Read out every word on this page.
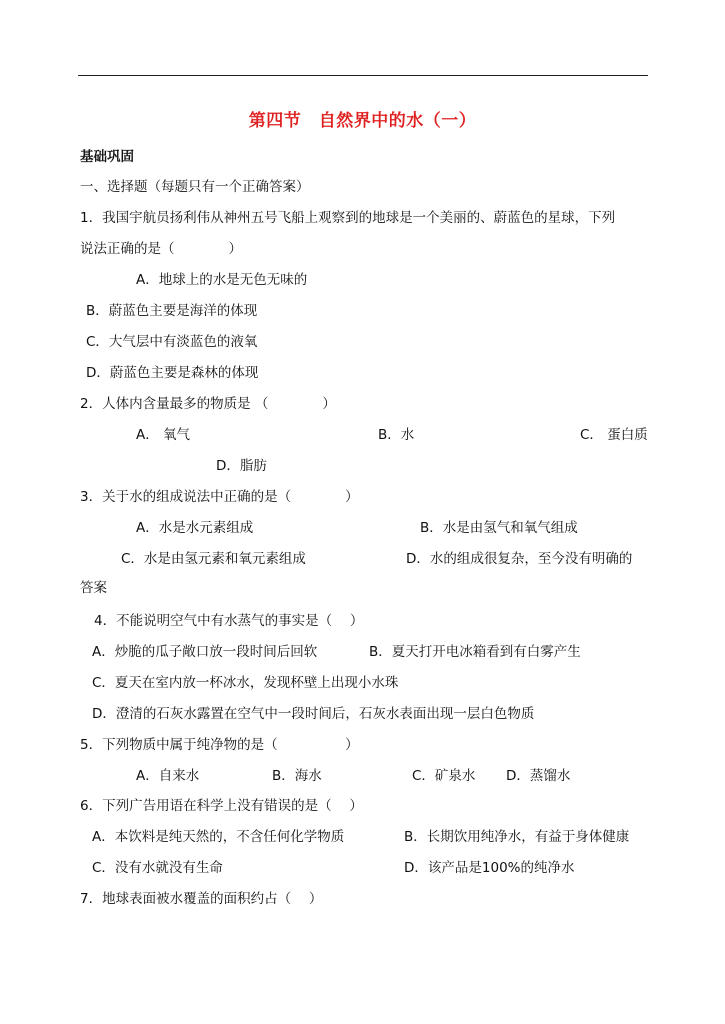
第四节　自然界中的水（一）
基础巩固
一、选择题（每题只有一个正确答案）
1．我国宇航员扬利伟从神州五号飞船上观察到的地球是一个美丽的、蔚蓝色的星球，下列
说法正确的是（　　　　）
A．地球上的水是无色无味的
B．蔚蓝色主要是海洋的体现
C．大气层中有淡蓝色的液氧
D．蔚蓝色主要是森林的体现
2．人体内含量最多的物质是 （　　　　）
A． 氧气	B．水	C． 蛋白质
D．脂肪
3．关于水的组成说法中正确的是（　　　　）
A．水是水元素组成	B．水是由氢气和氧气组成
C．水是由氢元素和氧元素组成	D．水的组成很复杂，至今没有明确的
答案
4．不能说明空气中有水蒸气的事实是（　 ）
A．炒脆的瓜子敞口放一段时间后回软	B．夏天打开电冰箱看到有白雾产生
C．夏天在室内放一杯冰水，发现杯壁上出现小水珠
D．澄清的石灰水露置在空气中一段时间后，石灰水表面出现一层白色物质
5．下列物质中属于纯净物的是（　　　　　）
A．自来水	B．海水	C．矿泉水 D．蒸馏水
6．下列广告用语在科学上没有错误的是（　 ）
A．本饮料是纯天然的，不含任何化学物质	B．长期饮用纯净水，有益于身体健康
C．没有水就没有生命	D．该产品是100%的纯净水
7．地球表面被水覆盖的面积约占（　 ）
